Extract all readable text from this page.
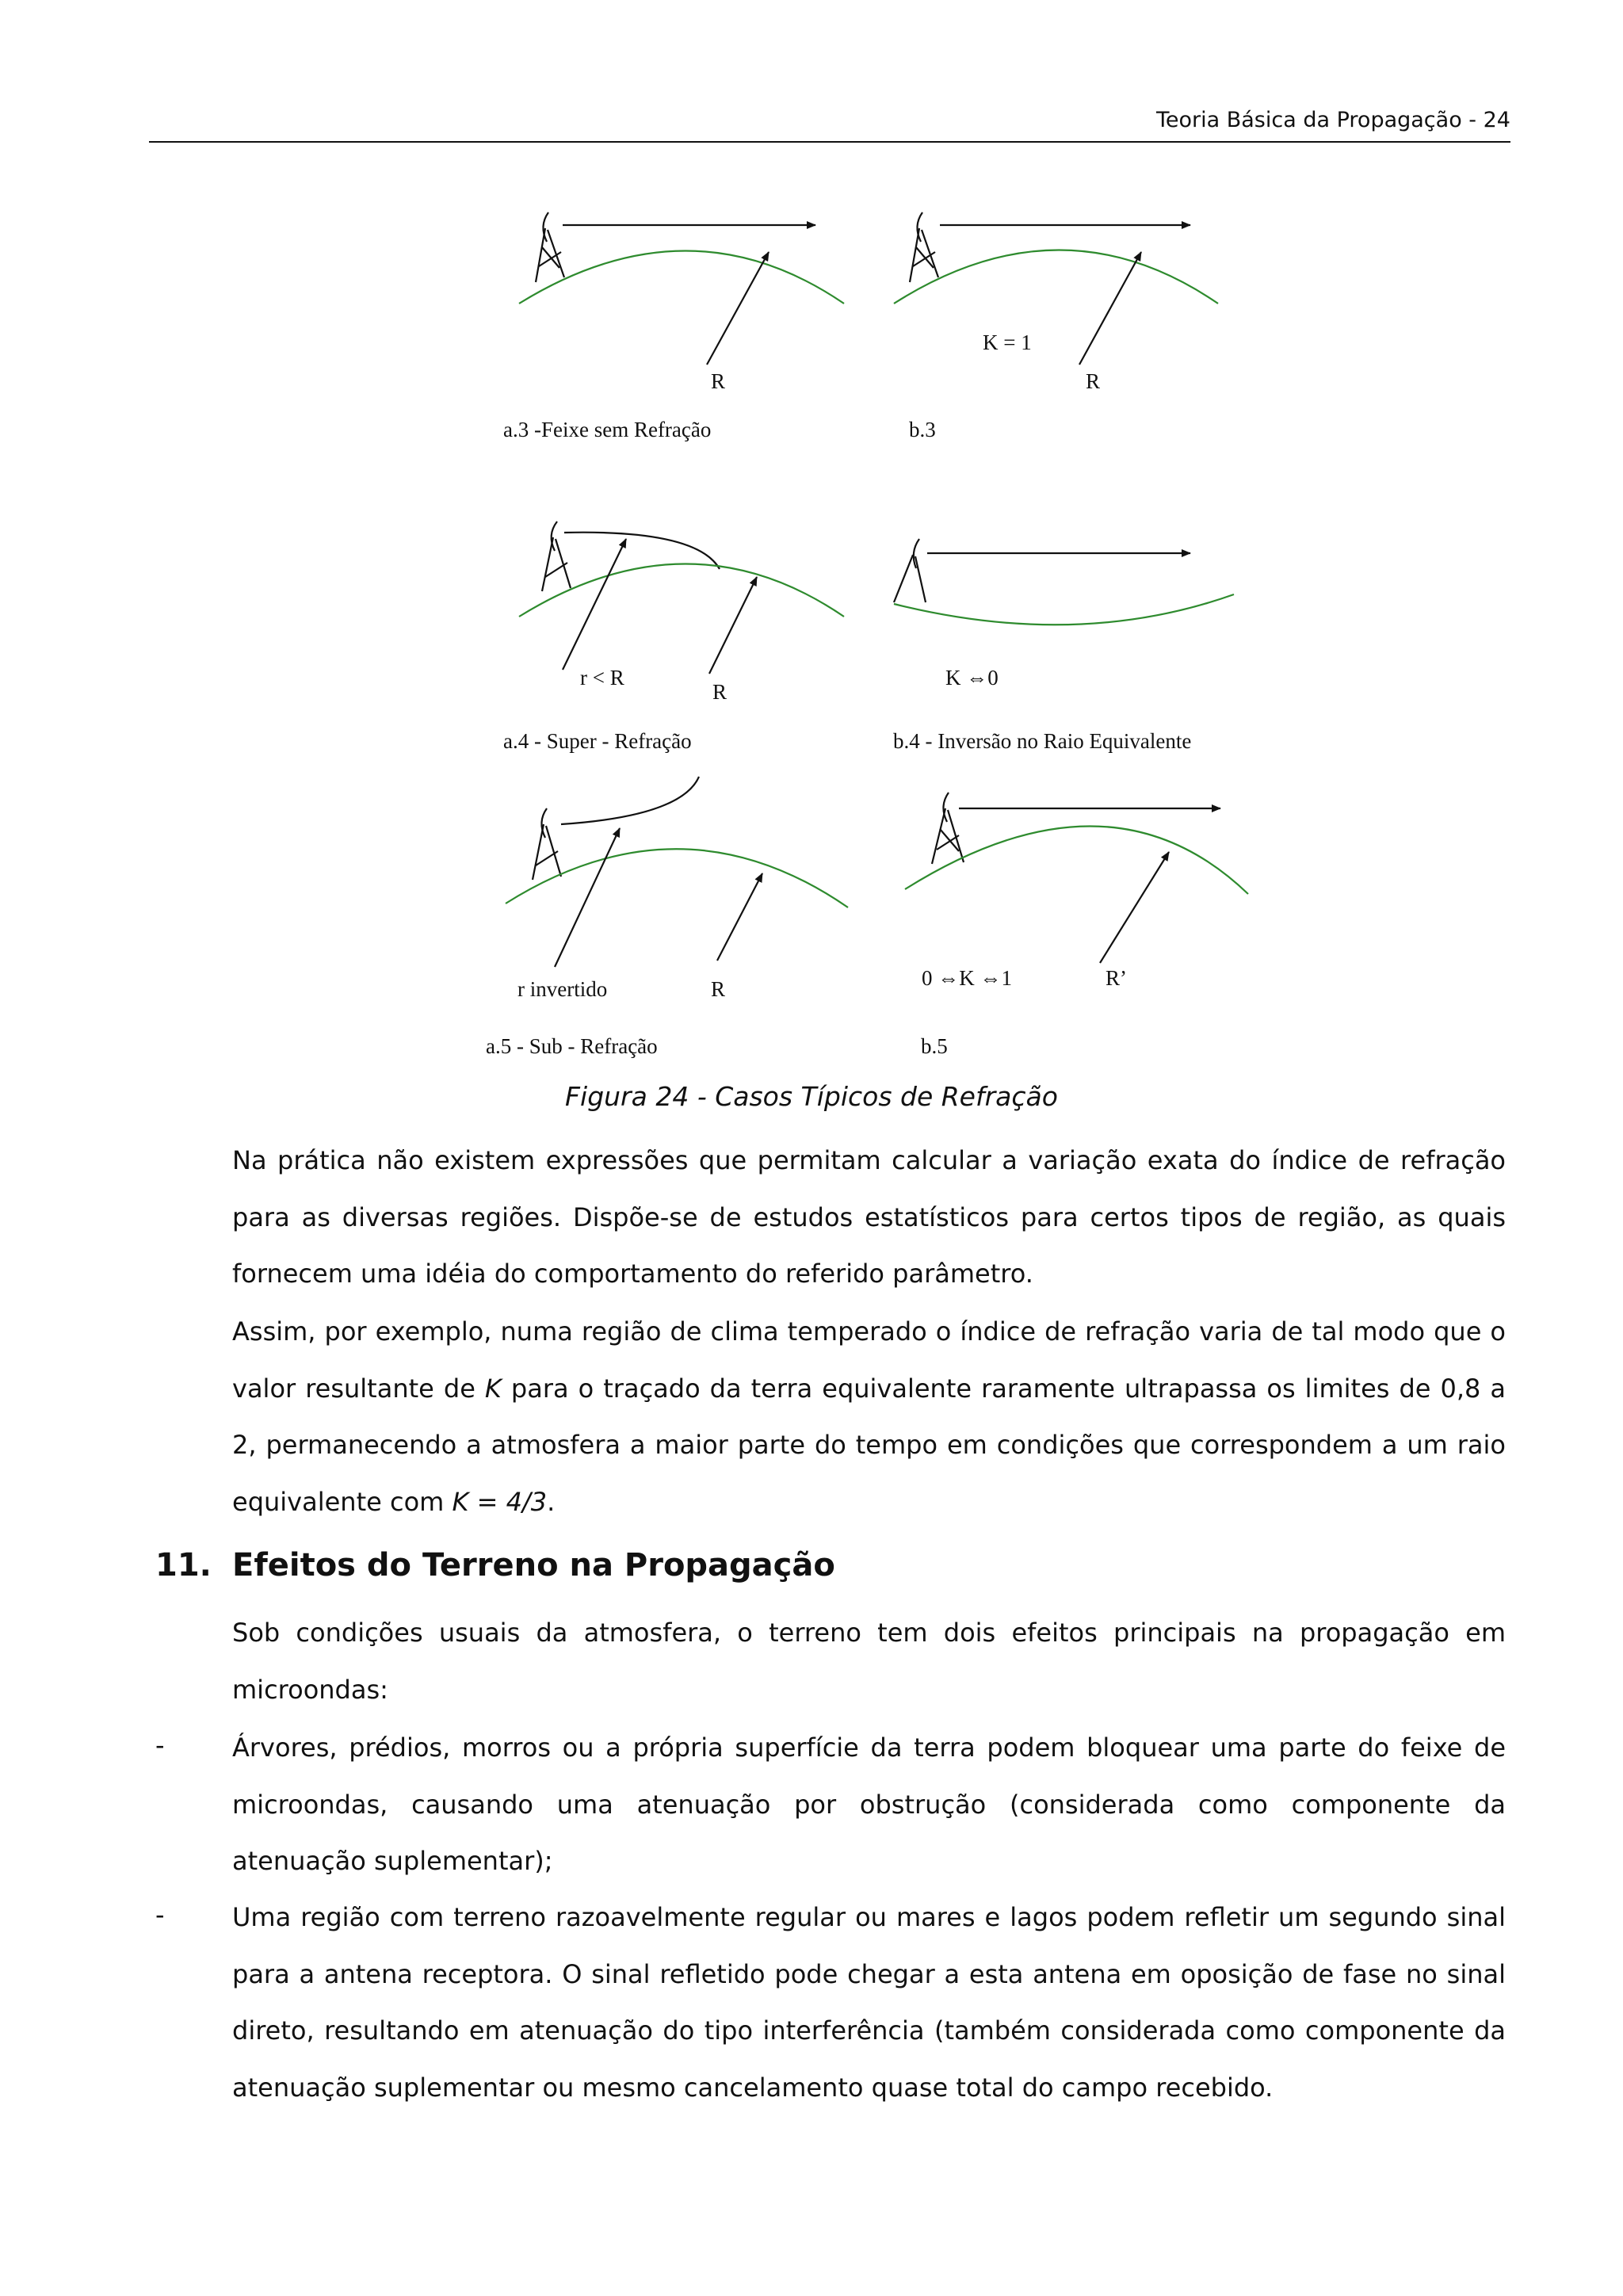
Teoria Básica da Propagação - 24
R
a.3 -Feixe sem Refração
K = 1
R
b.3
r < R
R
a.4 - Super - Refração
K ⇔0
b.4 - Inversão no Raio Equivalente
r invertido	R
a.5 - Sub - Refração
0 ⇔K ⇔1	R’
b.5
Figura 24 - Casos Típicos de Refração

Na prática não existem expressões que permitam calcular a variação exata do índice de refração para as diversas regiões. Dispõe-se de estudos estatísticos para certos tipos de região, as quais fornecem uma idéia do comportamento do referido parâmetro.

Assim, por exemplo, numa região de clima temperado o índice de refração varia de tal modo que o valor resultante de K para o traçado da terra equivalente raramente ultrapassa os limites de 0,8 a 2, permanecendo a atmosfera a maior parte do tempo em condições que correspondem a um raio equivalente com K = 4/3.

11. Efeitos do Terreno na Propagação

Sob condições usuais da atmosfera, o terreno tem dois efeitos principais na propagação em microondas:

-	Árvores, prédios, morros ou a própria superfície da terra podem bloquear uma parte do feixe de microondas, causando uma atenuação por obstrução (considerada como componente da atenuação suplementar);

-	Uma região com terreno razoavelmente regular ou mares e lagos podem refletir um segundo sinal para a antena receptora. O sinal refletido pode chegar a esta antena em oposição de fase no sinal direto, resultando em atenuação do tipo interferência (também considerada como componente da atenuação suplementar ou mesmo cancelamento quase total do campo recebido.
